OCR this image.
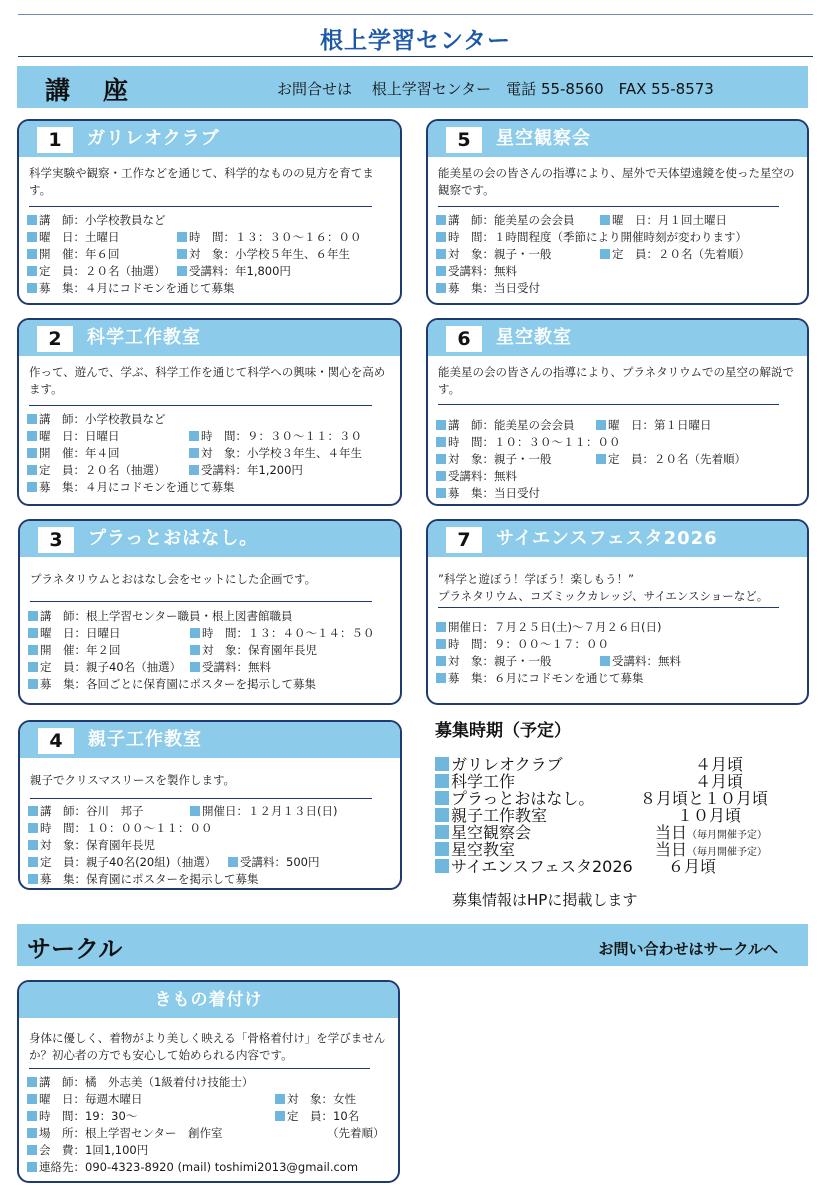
根上学習センター
講　座	お問合せは　 根上学習センター　電話 55-8560　FAX 55-8573
1	ガリレオクラブ
科学実験や観察・工作などを通じて、科学的なものの見方を育てます。
講　師：小学校教員など
曜　日：土曜日	時　間：１３：３０～１６：００
開　催：年６回	対　象：小学校５年生、６年生
定　員：２０名（抽選）	受講料：年1,800円
募　集：４月にコドモンを通じて募集
2	科学工作教室
作って、遊んで、学ぶ、科学工作を通じて科学への興味・関心を高めます。
講　師：小学校教員など
曜　日：日曜日	時　間：９：３０～１１：３０
開　催：年４回	対　象：小学校３年生、４年生
定　員：２０名（抽選）	受講料：年1,200円
募　集：４月にコドモンを通じて募集
3	プラっとおはなし。
プラネタリウムとおはなし会をセットにした企画です。
講　師：根上学習センター職員・根上図書館職員
曜　日：日曜日	時　間：１３：４０～１４：５０
開　催：年２回	対　象：保育園年長児
定　員：親子40名（抽選）	受講料：無料
募　集：各回ごとに保育園にポスターを掲示して募集
4	親子工作教室
親子でクリスマスリースを製作します。
講　師：谷川　邦子	開催日：１２月１３日(日)
時　間：１０：００～１１：００
対　象：保育園年長児
定　員：親子40名(20組)（抽選）	受講料：500円
募　集：保育園にポスターを掲示して募集
5	星空観察会
能美星の会の皆さんの指導により、屋外で天体望遠鏡を使った星空の観察です。
講　師：能美星の会会員	曜　日：月１回土曜日
時　間：１時間程度（季節により開催時刻が変わります）
対　象：親子・一般	定　員：２０名（先着順）
受講料：無料
募　集：当日受付
6	星空教室
能美星の会の皆さんの指導により、プラネタリウムでの星空の解説です。
講　師：能美星の会会員	曜　日：第１日曜日
時　間：１０：３０～１１：００
対　象：親子・一般	定　員：２０名（先着順）
受講料：無料
募　集：当日受付
7	サイエンスフェスタ2026
”科学と遊ぼう！学ぼう！楽しもう！”
プラネタリウム、コズミックカレッジ、サイエンスショーなど。
開催日：７月２５日(土)～７月２６日(日)
時　間：９：００～１７：００
対　象：親子・一般	受講料：無料
募　集：６月にコドモンを通じて募集
募集時期（予定）
ガリレオクラブ	４月頃
科学工作	４月頃
プラっとおはなし。	８月頃と１０月頃
親子工作教室	１０月頃
星空観察会	当日（毎月開催予定）
星空教室	当日（毎月開催予定）
サイエンスフェスタ2026 ６月頃
募集情報はHPに掲載します
サークル	お問い合わせはサークルへ
きもの着付け
身体に優しく、着物がより美しく映える「骨格着付け」を学びませんか？初心者の方でも安心して始められる内容です。
講　師：橘　外志美（1級着付け技能士）
曜　日：毎週木曜日	対　象：女性
時　間：19：30～	定　員：10名
場　所：根上学習センター　創作室	（先着順）
会　費：1回1,100円
連絡先：090-4323-8920 (mail) toshimi2013@gmail.com
